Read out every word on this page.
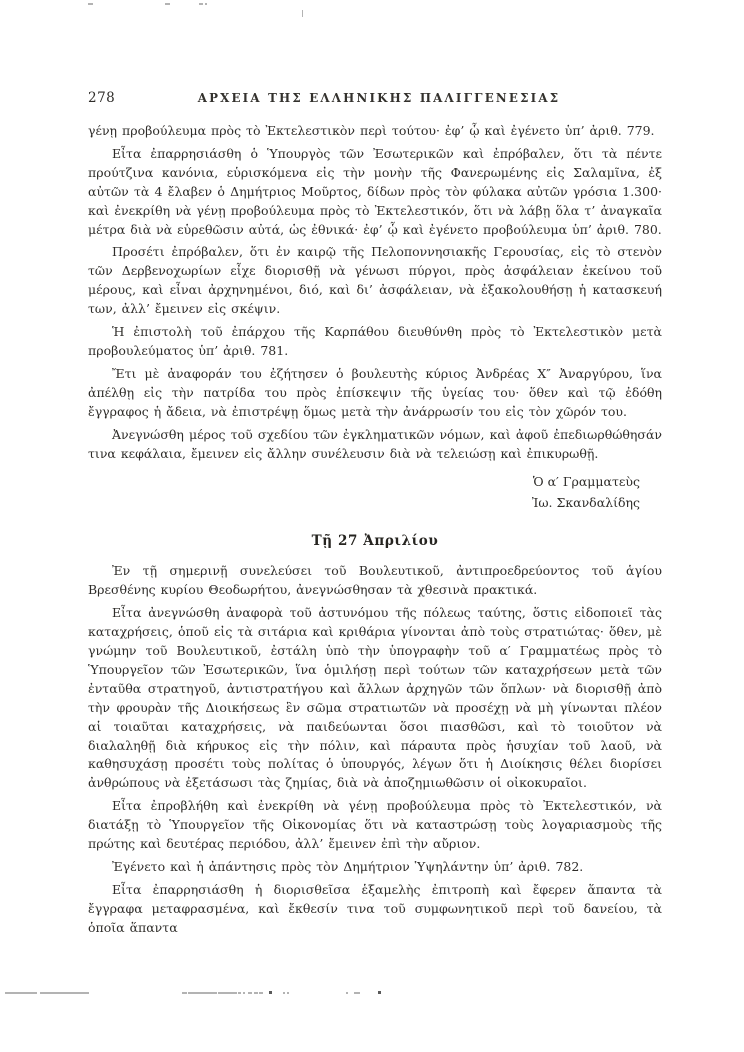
278	ΑΡΧΕΙΑ ΤΗΣ ΕΛΛΗΝΙΚΗΣ ΠΑΛΙΓΓΕΝΕΣΙΑΣ

γένῃ προβούλευμα πρὸς τὸ Ἐκτελεστικὸν περὶ τούτου· ἐφ’ ᾧ καὶ ἐγένετο ὑπ’ ἀριθ. 779.

Εἶτα ἐπαρρησιάσθη ὁ Ὑπουργὸς τῶν Ἐσωτερικῶν καὶ ἐπρόβαλεν, ὅτι τὰ πέντε προύτζινα κανόνια, εὑρισκόμενα εἰς τὴν μονὴν τῆς Φανερωμένης εἰς Σαλαμῖνα, ἐξ αὐτῶν τὰ 4 ἔλαβεν ὁ Δημήτριος Μοῦρτος, δίδων πρὸς τὸν φύλακα αὐτῶν γρόσια 1.300· καὶ ἐνεκρίθη νὰ γένῃ προβούλευμα πρὸς τὸ Ἐκτελεστικόν, ὅτι νὰ λάβῃ ὅλα τ’ ἀναγκαῖα μέτρα διὰ νὰ εὑρεθῶσιν αὐτά, ὡς ἐθνικά· ἐφ’ ᾧ καὶ ἐγένετο προβούλευμα ὑπ’ ἀριθ. 780.

Προσέτι ἐπρόβαλεν, ὅτι ἐν καιρῷ τῆς Πελοποννησιακῆς Γερουσίας, εἰς τὸ στενὸν τῶν Δερβενοχωρίων εἶχε διορισθῇ νὰ γένωσι πύργοι, πρὸς ἀσφάλειαν ἐκείνου τοῦ μέρους, καὶ εἶναι ἀρχηνημένοι, διό, καὶ δι’ ἀσφάλειαν, νὰ ἐξακολουθήσῃ ἡ κατασκευή των, ἀλλ’ ἔμεινεν εἰς σκέψιν.

Ἡ ἐπιστολὴ τοῦ ἐπάρχου τῆς Καρπάθου διευθύνθη πρὸς τὸ Ἐκτελεστικὸν μετὰ προβουλεύματος ὑπ’ ἀριθ. 781.

Ἔτι μὲ ἀναφοράν του ἐζήτησεν ὁ βουλευτὴς κύριος Ἀνδρέας Χ″ Ἀναργύρου, ἵνα ἀπέλθῃ εἰς τὴν πατρίδα του πρὸς ἐπίσκεψιν τῆς ὑγείας του· ὅθεν καὶ τῷ ἐδόθη ἔγγραφος ἡ ἄδεια, νὰ ἐπιστρέψῃ ὅμως μετὰ τὴν ἀνάρρωσίν του εἰς τὸν χῶρόν του.

Ἀνεγνώσθη μέρος τοῦ σχεδίου τῶν ἐγκληματικῶν νόμων, καὶ ἀφοῦ ἐπεδιωρθώθησάν τινα κεφάλαια, ἔμεινεν εἰς ἄλλην συνέλευσιν διὰ νὰ τελειώσῃ καὶ ἐπικυρωθῇ.

Ὁ α′ Γραμματεὺς
Ἰω. Σκανδαλίδης
Τῇ 27 Ἀπριλίου

Ἐν τῇ σημερινῇ συνελεύσει τοῦ Βουλευτικοῦ, ἀντιπροεδρεύοντος τοῦ ἁγίου Βρεσθένης κυρίου Θεοδωρήτου, ἀνεγνώσθησαν τὰ χθεσινὰ πρακτικά.

Εἶτα ἀνεγνώσθη ἀναφορὰ τοῦ ἀστυνόμου τῆς πόλεως ταύτης, ὅστις εἰδοποιεῖ τὰς καταχρήσεις, ὁποῦ εἰς τὰ σιτάρια καὶ κριθάρια γίνονται ἀπὸ τοὺς στρατιώτας· ὅθεν, μὲ γνώμην τοῦ Βουλευτικοῦ, ἐστάλη ὑπὸ τὴν ὑπογραφὴν τοῦ α′ Γραμματέως πρὸς τὸ Ὑπουργεῖον τῶν Ἐσωτερικῶν, ἵνα ὁμιλήσῃ περὶ τούτων τῶν καταχρήσεων μετὰ τῶν ἐνταῦθα στρατηγοῦ, ἀντιστρατήγου καὶ ἄλλων ἀρχηγῶν τῶν ὅπλων· νὰ διορισθῇ ἀπὸ τὴν φρουρὰν τῆς Διοικήσεως ἓν σῶμα στρατιωτῶν νὰ προσέχῃ νὰ μὴ γίνωνται πλέον αἱ τοιαῦται καταχρήσεις, νὰ παιδεύωνται ὅσοι πιασθῶσι, καὶ τὸ τοιοῦτον νὰ διαλαληθῇ διὰ κήρυκος εἰς τὴν πόλιν, καὶ πάραυτα πρὸς ἡσυχίαν τοῦ λαοῦ, νὰ καθησυχάσῃ προσέτι τοὺς πολίτας ὁ ὑπουργός, λέγων ὅτι ἡ Διοίκησις θέλει διορίσει ἀνθρώπους νὰ ἐξετάσωσι τὰς ζημίας, διὰ νὰ ἀποζημιωθῶσιν οἱ οἰκοκυραῖοι.

Εἶτα ἐπροβλήθη καὶ ἐνεκρίθη νὰ γένῃ προβούλευμα πρὸς τὸ Ἐκτελεστικόν, νὰ διατάξῃ τὸ Ὑπουργεῖον τῆς Οἰκονομίας ὅτι νὰ καταστρώσῃ τοὺς λογαριασμοὺς τῆς πρώτης καὶ δευτέρας περιόδου, ἀλλ’ ἔμεινεν ἐπὶ τὴν αὔριον.

Ἐγένετο καὶ ἡ ἀπάντησις πρὸς τὸν Δημήτριον Ὑψηλάντην ὑπ’ ἀριθ. 782.

Εἶτα ἐπαρρησιάσθη ἡ διορισθεῖσα ἑξαμελὴς ἐπιτροπὴ καὶ ἔφερεν ἅπαντα τὰ ἔγγραφα μεταφρασμένα, καὶ ἔκθεσίν τινα τοῦ συμφωνητικοῦ περὶ τοῦ δανείου, τὰ ὁποῖα ἅπαντα
